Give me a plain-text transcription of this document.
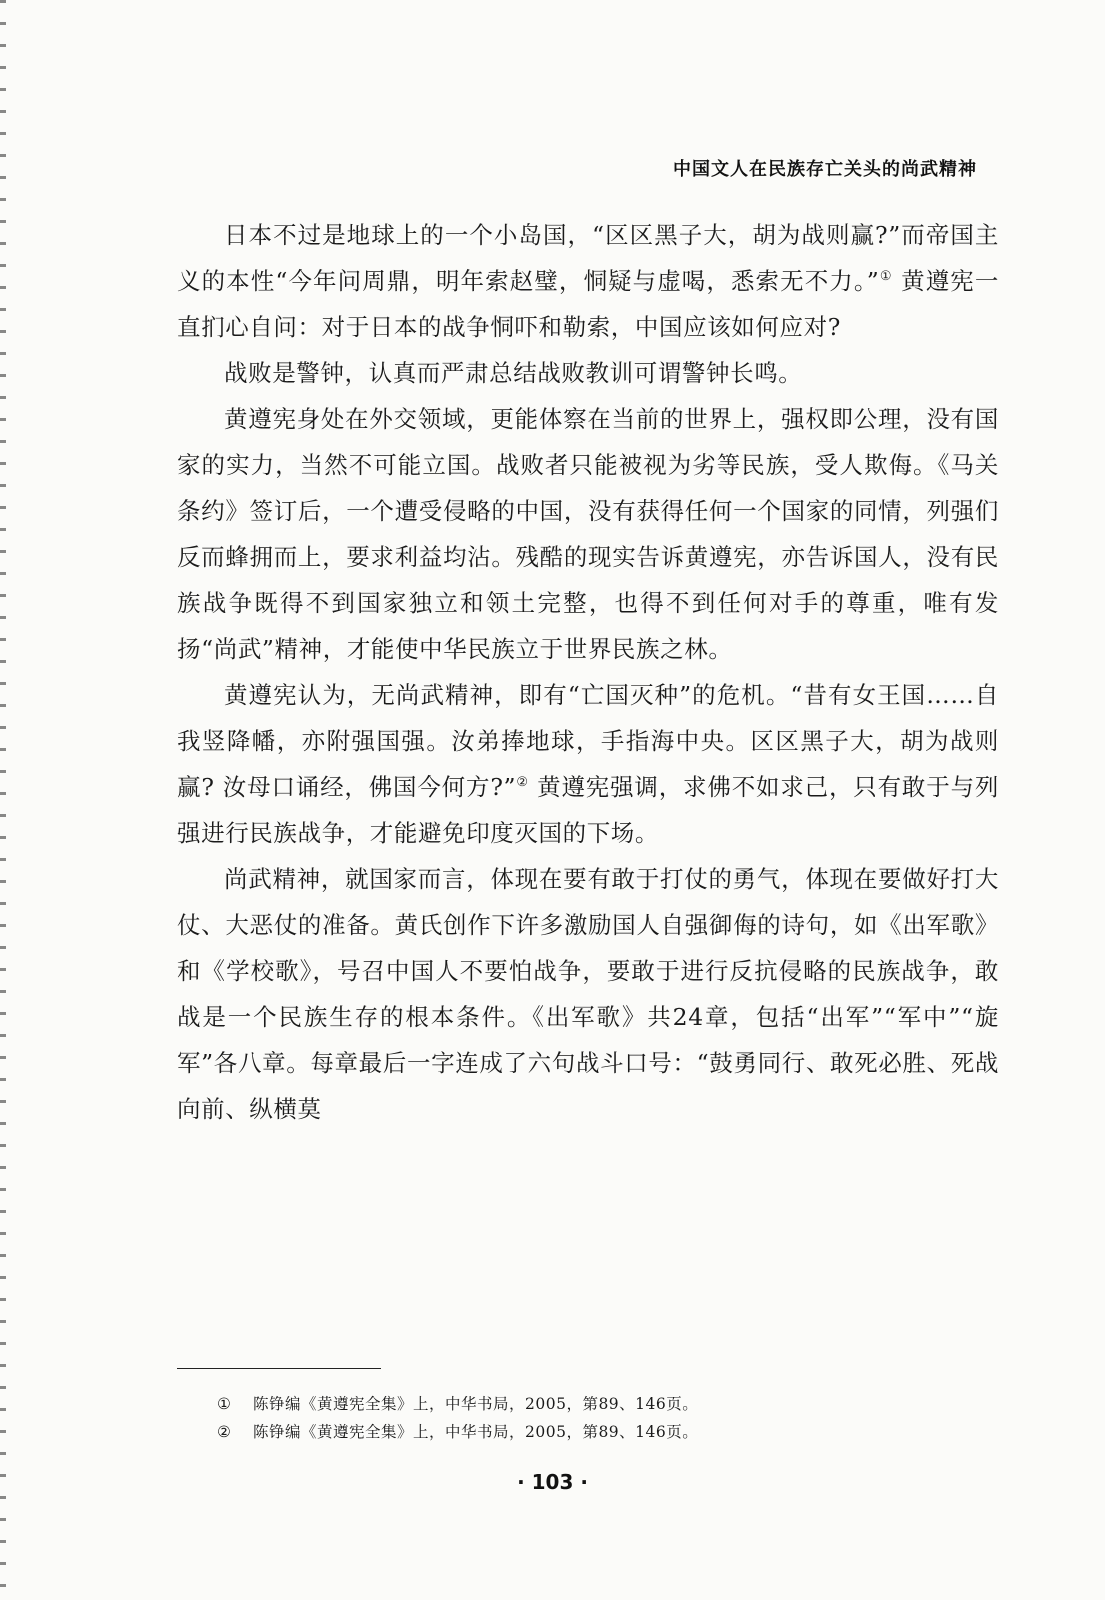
中国文人在民族存亡关头的尚武精神

日本不过是地球上的一个小岛国，“区区黑子大，胡为战则赢?”而帝国主义的本性“今年问周鼎，明年索赵璧，恫疑与虚喝，悉索无不力。”① 黄遵宪一直扪心自问：对于日本的战争恫吓和勒索，中国应该如何应对?

战败是警钟，认真而严肃总结战败教训可谓警钟长鸣。

黄遵宪身处在外交领域，更能体察在当前的世界上，强权即公理，没有国家的实力，当然不可能立国。战败者只能被视为劣等民族，受人欺侮。《马关条约》签订后，一个遭受侵略的中国，没有获得任何一个国家的同情，列强们反而蜂拥而上，要求利益均沾。残酷的现实告诉黄遵宪，亦告诉国人，没有民族战争既得不到国家独立和领土完整，也得不到任何对手的尊重，唯有发扬“尚武”精神，才能使中华民族立于世界民族之林。

黄遵宪认为，无尚武精神，即有“亡国灭种”的危机。“昔有女王国……自我竖降幡，亦附强国强。汝弟捧地球，手指海中央。区区黑子大，胡为战则赢? 汝母口诵经，佛国今何方?”② 黄遵宪强调，求佛不如求己，只有敢于与列强进行民族战争，才能避免印度灭国的下场。

尚武精神，就国家而言，体现在要有敢于打仗的勇气，体现在要做好打大仗、大恶仗的准备。黄氏创作下许多激励国人自强御侮的诗句，如《出军歌》和《学校歌》，号召中国人不要怕战争，要敢于进行反抗侵略的民族战争，敢战是一个民族生存的根本条件。《出军歌》共24章，包括“出军”“军中”“旋军”各八章。每章最后一字连成了六句战斗口号：“鼓勇同行、敢死必胜、死战向前、纵横莫

①	陈铮编《黄遵宪全集》上，中华书局，2005，第89、146页。

②	陈铮编《黄遵宪全集》上，中华书局，2005，第89、146页。

· 103 ·
